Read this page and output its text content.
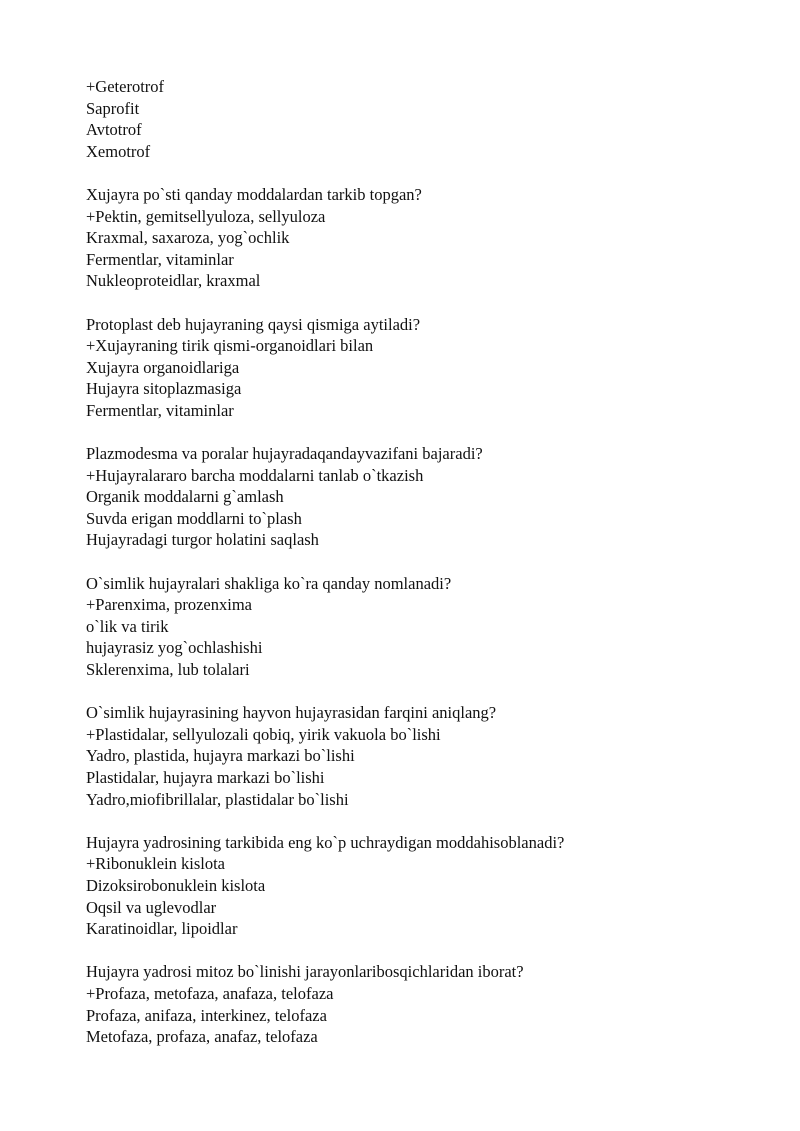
+Geterotrof
Saprofit
Avtotrof
Xemotrof
Xujayra po`sti qanday moddalardan tarkib topgan?
+Pektin, gemitsellyuloza, sellyuloza
Kraxmal, saxaroza, yog`ochlik
Fermentlar, vitaminlar
Nukleoproteidlar, kraxmal
Protoplast deb hujayraning qaysi qismiga aytiladi?
+Xujayraning tirik qismi-organoidlari bilan
Xujayra organoidlariga
Hujayra sitoplazmasiga
Fermentlar, vitaminlar
Plazmodesma va poralar hujayradaqandayvazifani bajaradi?
+Hujayralararo barcha moddalarni tanlab o`tkazish
Organik moddalarni g`amlash
Suvda erigan moddlarni to`plash
Hujayradagi turgor holatini saqlash
O`simlik hujayralari shakliga ko`ra qanday nomlanadi?
+Parenxima, prozenxima
o`lik va tirik
hujayrasiz yog`ochlashishi
Sklerenxima, lub tolalari
O`simlik hujayrasining hayvon hujayrasidan farqini aniqlang?
+Plastidalar, sellyulozali qobiq, yirik vakuola bo`lishi
Yadro, plastida, hujayra markazi bo`lishi
Plastidalar, hujayra markazi bo`lishi
Yadro,miofibrillalar, plastidalar bo`lishi
Hujayra yadrosining tarkibida eng ko`p uchraydigan moddahisoblanadi?
+Ribonuklein kislota
Dizoksirobonuklein kislota
Oqsil va uglevodlar
Karatinoidlar, lipoidlar
Hujayra yadrosi mitoz bo`linishi jarayonlaribosqichlaridan iborat?
+Profaza, metofaza, anafaza, telofaza
Profaza, anifaza, interkinez, telofaza
Metofaza, profaza, anafaz, telofaza
